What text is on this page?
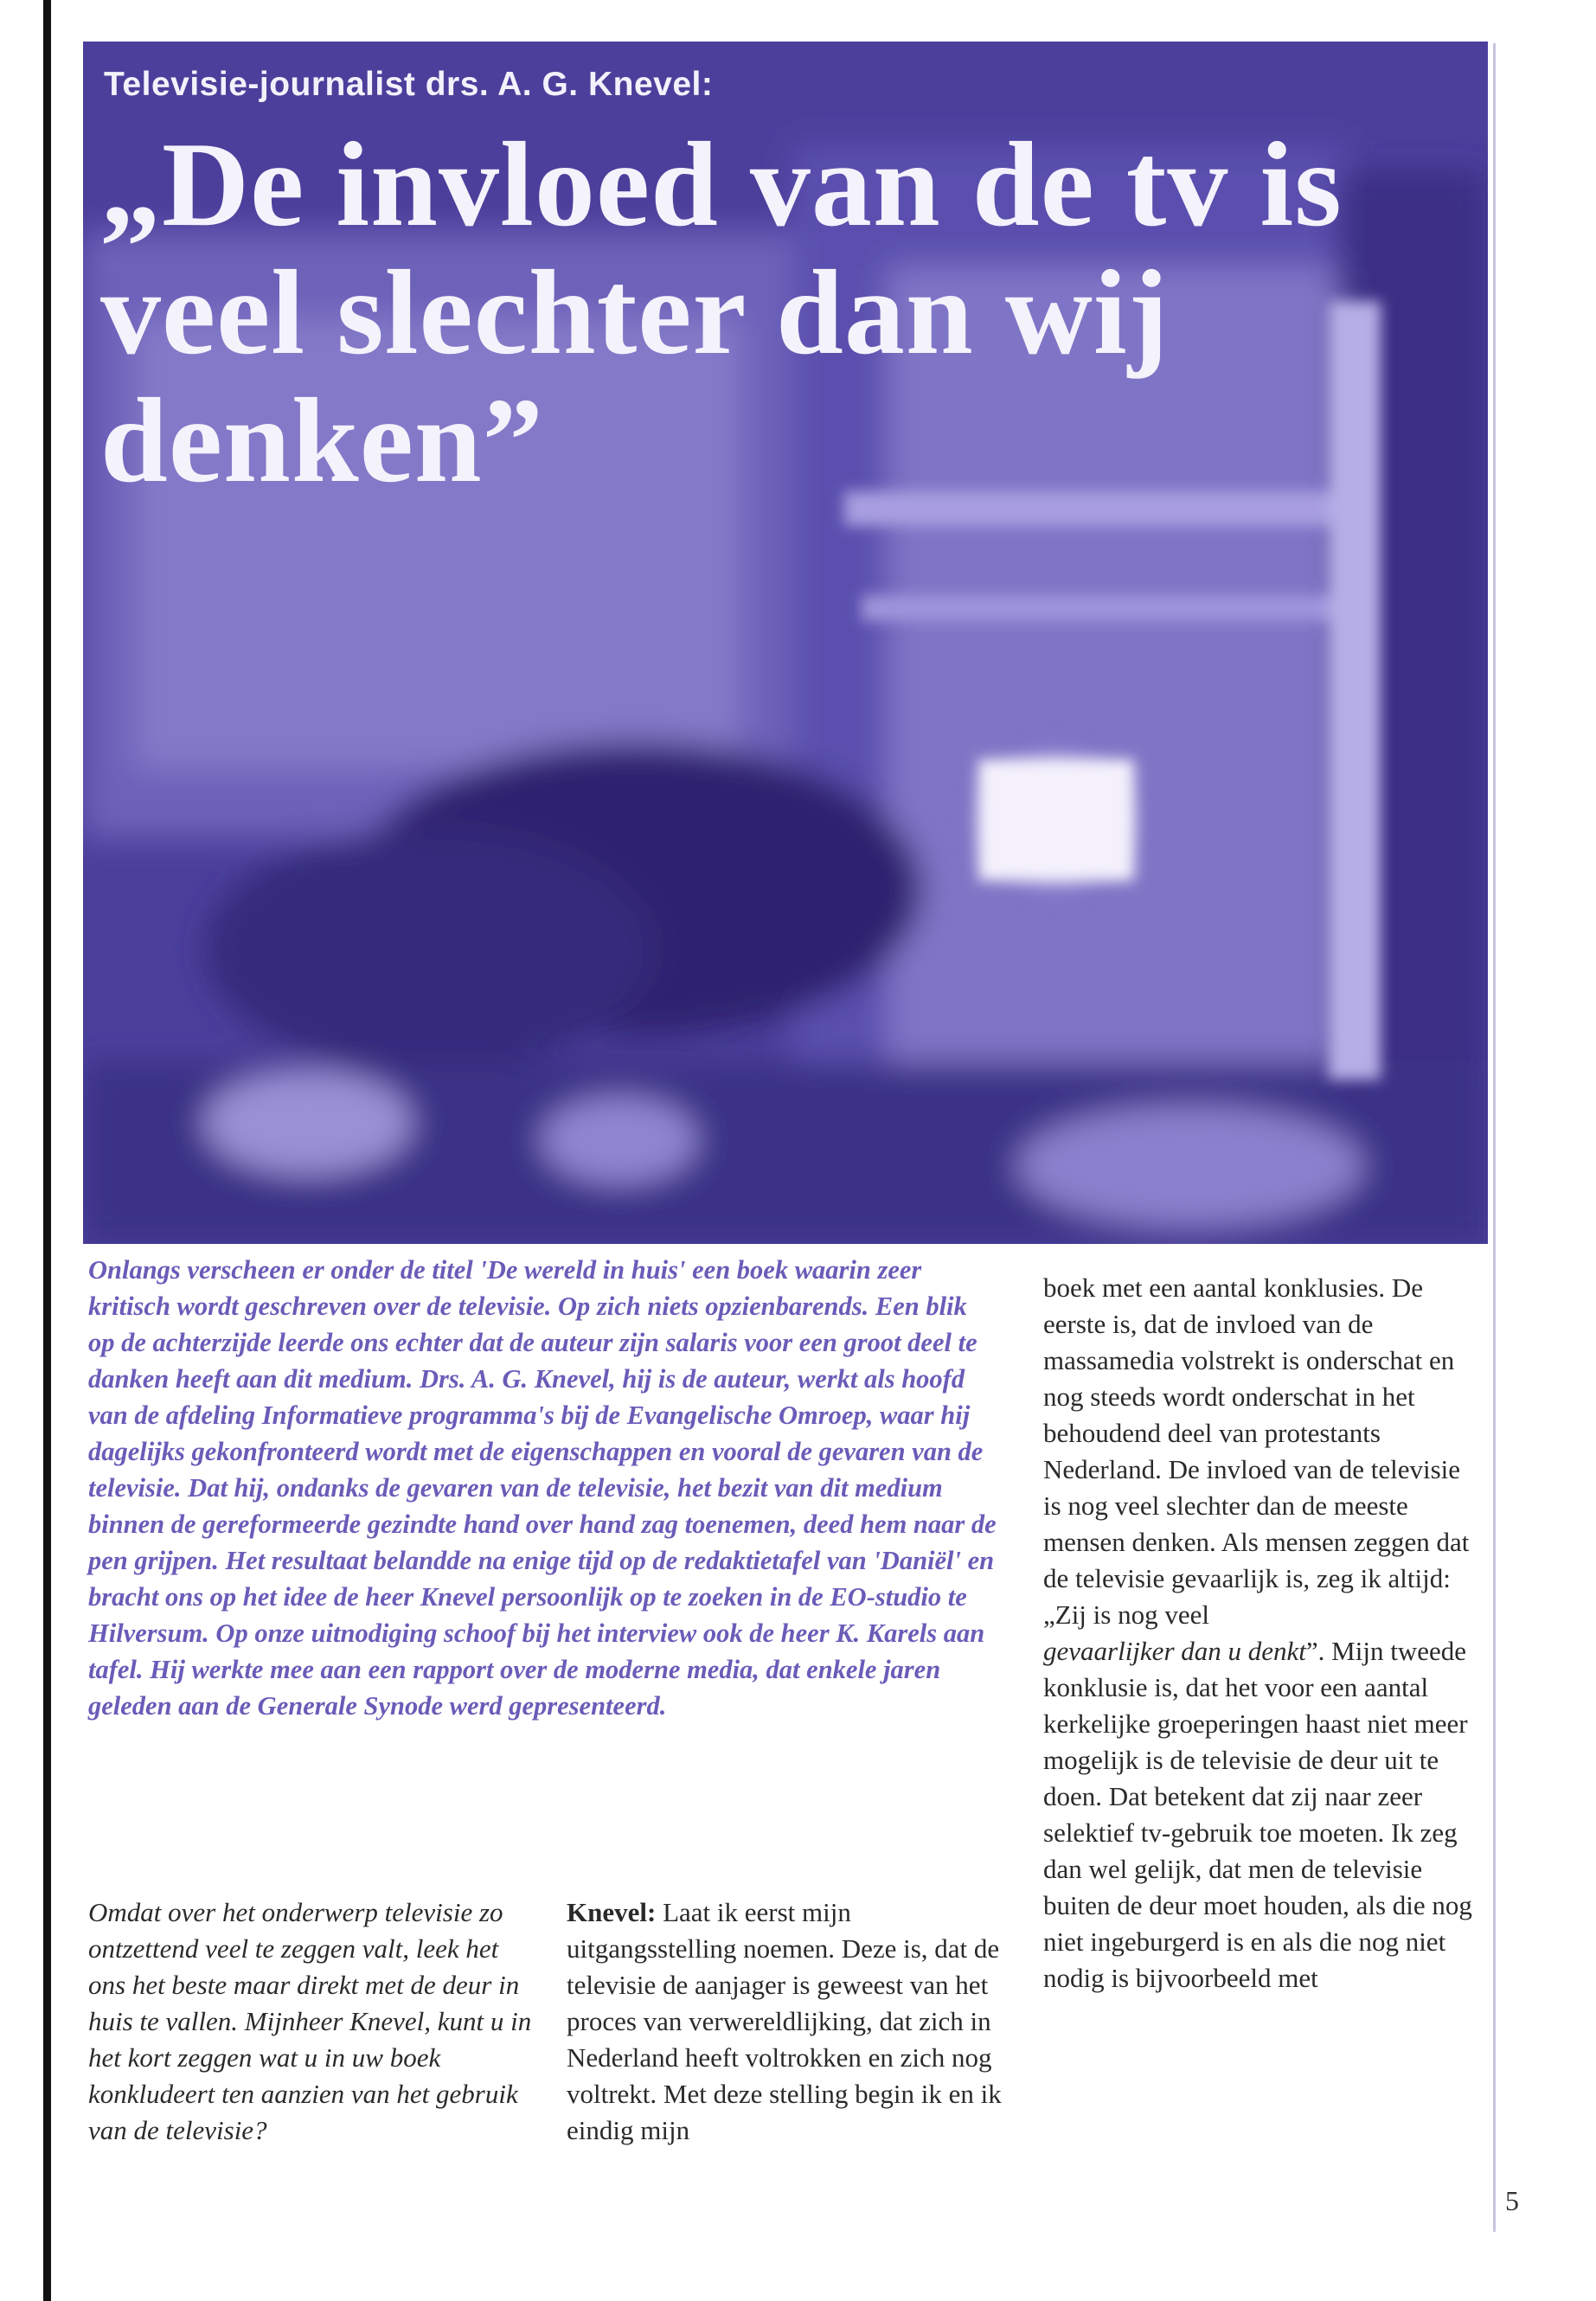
Televisie-journalist drs. A. G. Knevel:

„De invloed van de tv is veel slechter dan wij denken”

Onlangs verscheen er onder de titel 'De wereld in huis' een boek waarin zeer kritisch wordt geschreven over de televisie. Op zich niets opzienbarends. Een blik op de achterzijde leerde ons echter dat de auteur zijn salaris voor een groot deel te danken heeft aan dit medium. Drs. A. G. Knevel, hij is de auteur, werkt als hoofd van de afdeling Informatieve programma's bij de Evangelische Omroep, waar hij dagelijks gekonfronteerd wordt met de eigenschappen en vooral de gevaren van de televisie. Dat hij, ondanks de gevaren van de televisie, het bezit van dit medium binnen de gereformeerde gezindte hand over hand zag toenemen, deed hem naar de pen grijpen. Het resultaat belandde na enige tijd op de redaktietafel van 'Daniël' en bracht ons op het idee de heer Knevel persoonlijk op te zoeken in de EO-studio te Hilversum. Op onze uitnodiging schoof bij het interview ook de heer K. Karels aan tafel. Hij werkte mee aan een rapport over de moderne media, dat enkele jaren geleden aan de Generale Synode werd gepresenteerd.

Omdat over het onderwerp televisie zo ontzettend veel te zeggen valt, leek het ons het beste maar direkt met de deur in huis te vallen. Mijnheer Knevel, kunt u in het kort zeggen wat u in uw boek konkludeert ten aanzien van het gebruik van de televisie?

Knevel: Laat ik eerst mijn uitgangsstelling noemen. Deze is, dat de televisie de aanjager is geweest van het proces van verwereldlijking, dat zich in Nederland heeft voltrokken en zich nog voltrekt. Met deze stelling begin ik en ik eindig mijn

boek met een aantal konklusies. De eerste is, dat de invloed van de massamedia volstrekt is onderschat en nog steeds wordt onderschat in het behoudend deel van protestants Nederland. De invloed van de televisie is nog veel slechter dan de meeste mensen denken. Als mensen zeggen dat de televisie gevaarlijk is, zeg ik altijd: „Zij is nog veel
gevaarlijker dan u denkt”. Mijn tweede konklusie is, dat het voor een aantal kerkelijke groeperingen haast niet meer mogelijk is de televisie de deur uit te doen. Dat betekent dat zij naar zeer selektief tv-gebruik toe moeten. Ik zeg dan wel gelijk, dat men de televisie buiten de deur moet houden, als die nog niet ingeburgerd is en als die nog niet nodig is bijvoorbeeld met

5
